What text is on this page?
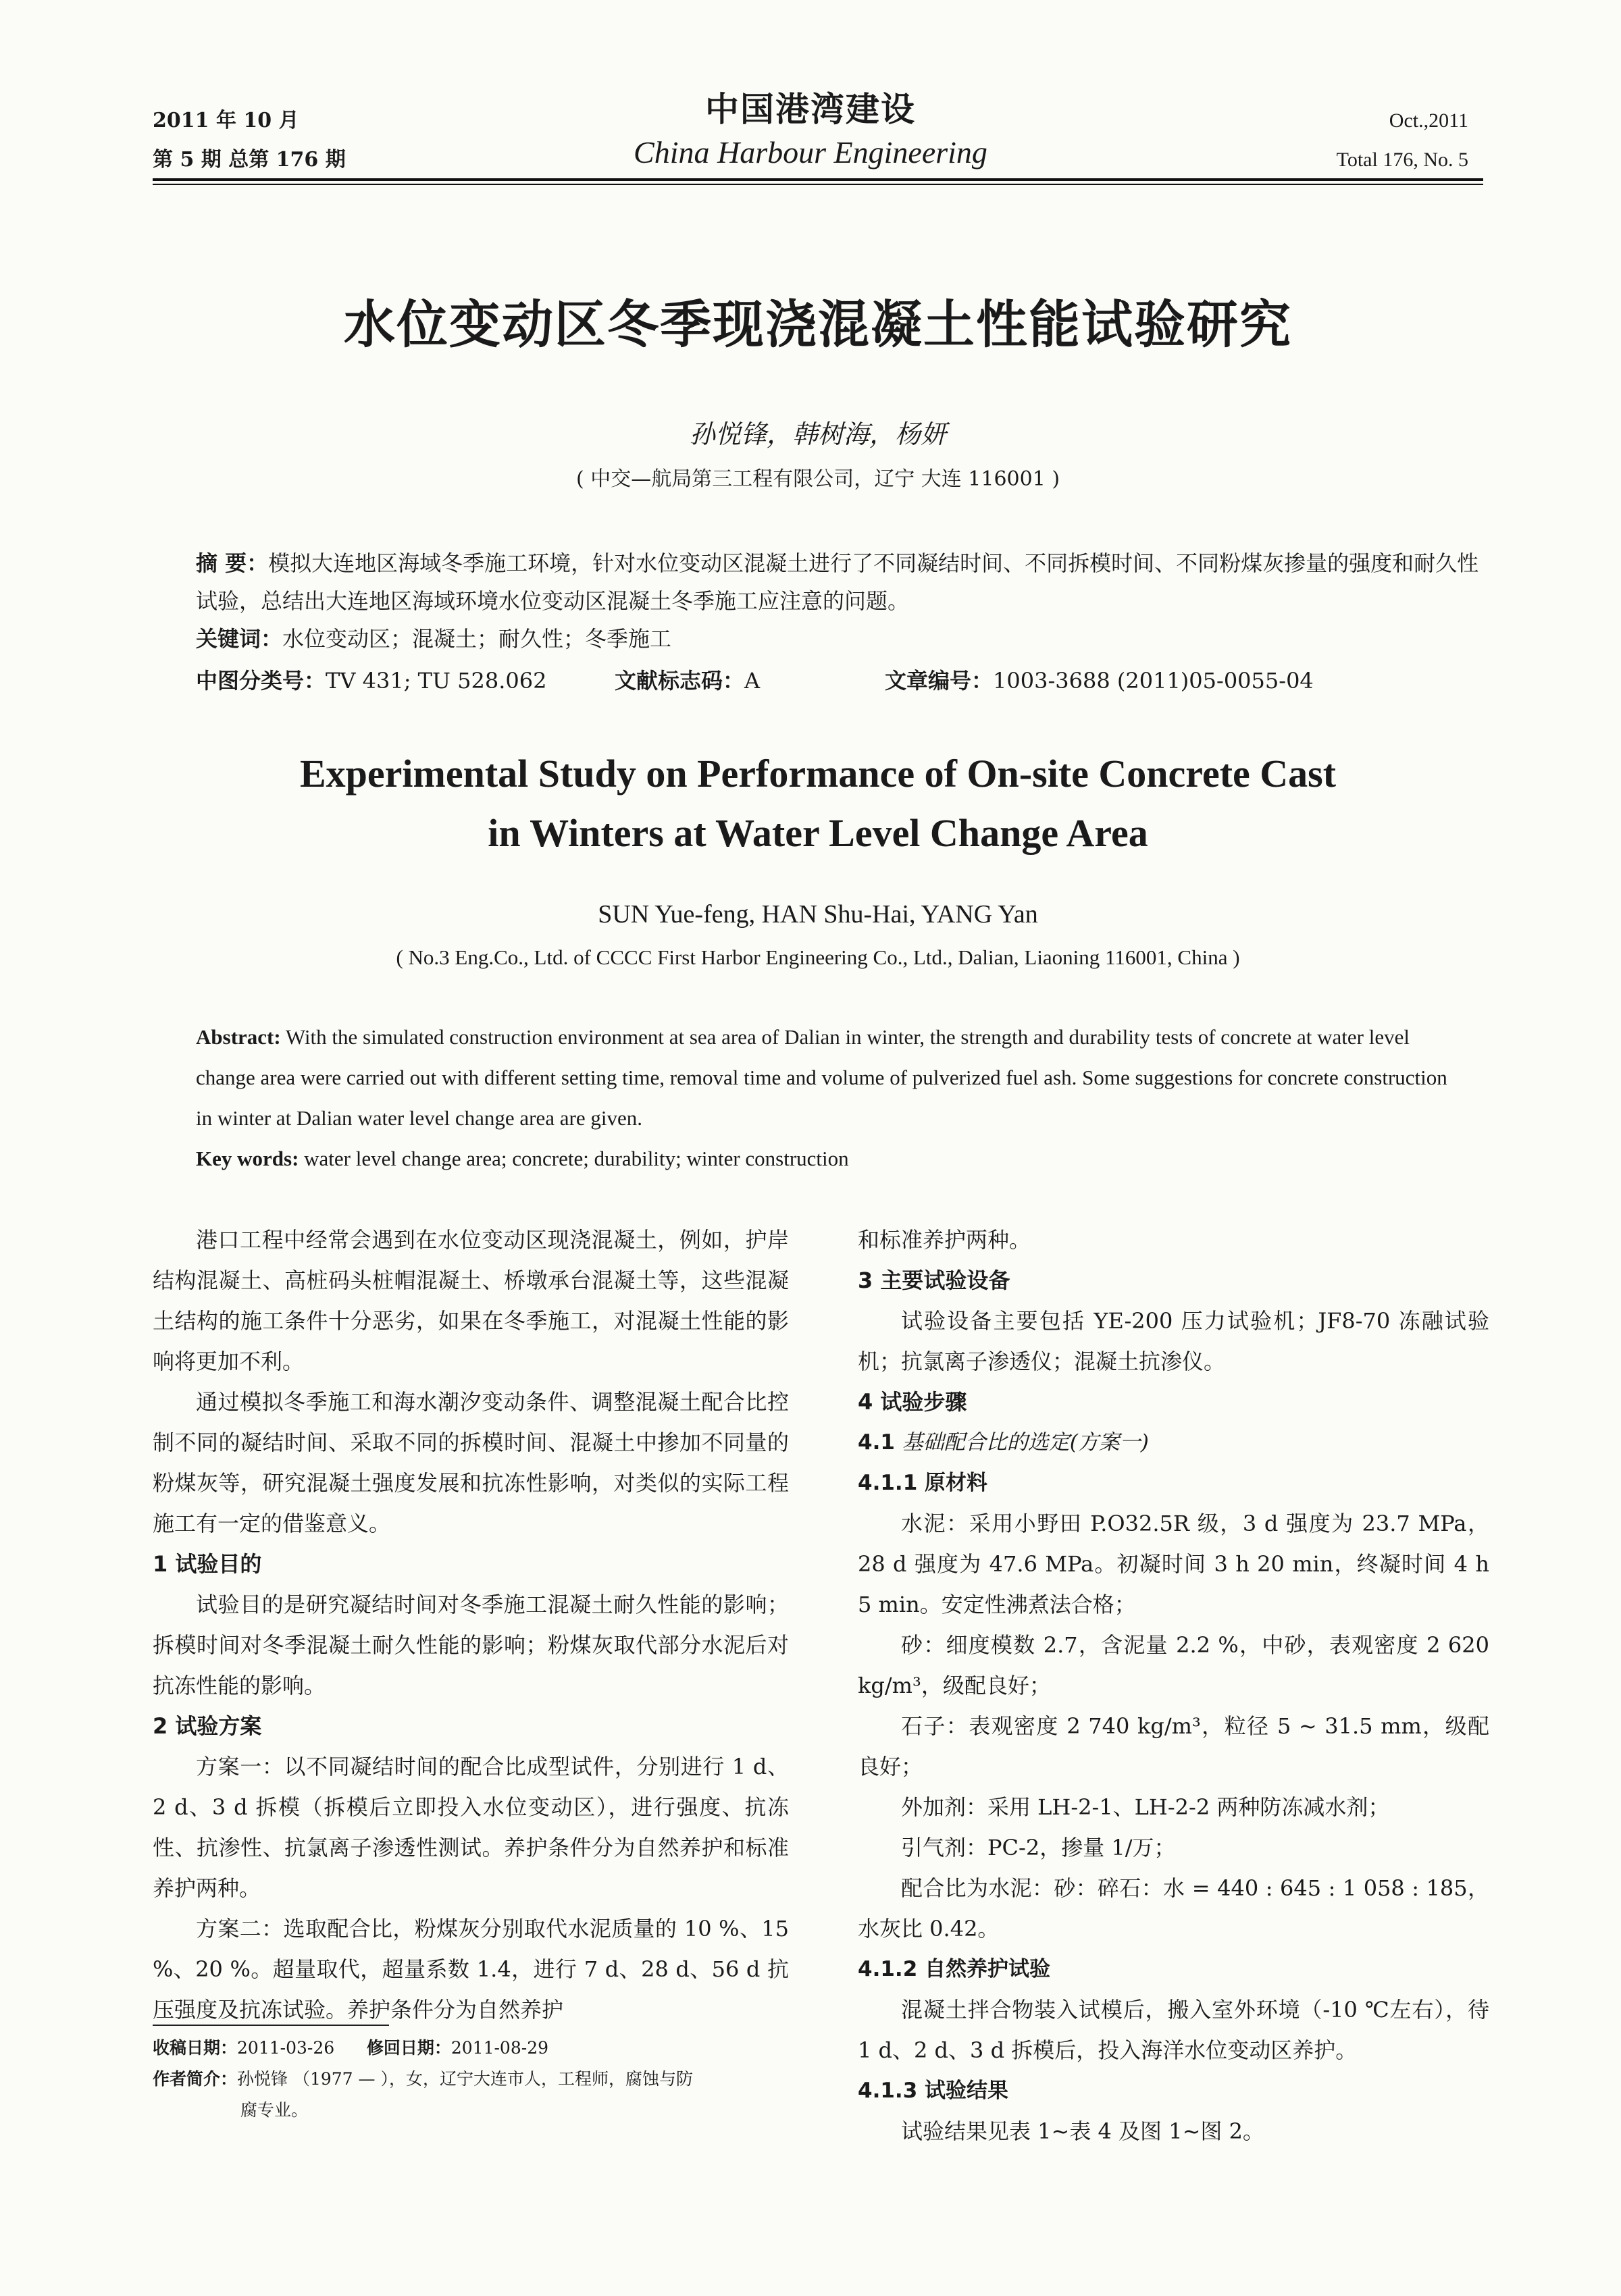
2011 年 10 月
第 5 期 总第 176 期
中国港湾建设
China Harbour Engineering
Oct.,2011
Total 176, No. 5
水位变动区冬季现浇混凝土性能试验研究
孙悦锋，韩树海，杨妍
( 中交—航局第三工程有限公司，辽宁 大连 116001 )
摘 要：模拟大连地区海域冬季施工环境，针对水位变动区混凝土进行了不同凝结时间、不同拆模时间、不同粉煤灰掺量的强度和耐久性试验，总结出大连地区海域环境水位变动区混凝土冬季施工应注意的问题。
关键词：水位变动区；混凝土；耐久性；冬季施工
中图分类号：TV 431; TU 528.062	文献标志码：A	文章编号：1003-3688 (2011)05-0055-04
Experimental Study on Performance of On-site Concrete Cast
in Winters at Water Level Change Area
SUN Yue-feng, HAN Shu-Hai, YANG Yan
( No.3 Eng.Co., Ltd. of CCCC First Harbor Engineering Co., Ltd., Dalian, Liaoning 116001, China )
Abstract: With the simulated construction environment at sea area of Dalian in winter, the strength and durability tests of concrete at water level change area were carried out with different setting time, removal time and volume of pulverized fuel ash. Some suggestions for concrete construction in winter at Dalian water level change area are given.
Key words: water level change area; concrete; durability; winter construction

港口工程中经常会遇到在水位变动区现浇混凝土，例如，护岸结构混凝土、高桩码头桩帽混凝土、桥墩承台混凝土等，这些混凝土结构的施工条件十分恶劣，如果在冬季施工，对混凝土性能的影响将更加不利。

通过模拟冬季施工和海水潮汐变动条件、调整混凝土配合比控制不同的凝结时间、采取不同的拆模时间、混凝土中掺加不同量的粉煤灰等，研究混凝土强度发展和抗冻性影响，对类似的实际工程施工有一定的借鉴意义。

1 试验目的

试验目的是研究凝结时间对冬季施工混凝土耐久性能的影响；拆模时间对冬季混凝土耐久性能的影响；粉煤灰取代部分水泥后对抗冻性能的影响。

2 试验方案

方案一：以不同凝结时间的配合比成型试件，分别进行 1 d、2 d、3 d 拆模（拆模后立即投入水位变动区），进行强度、抗冻性、抗渗性、抗氯离子渗透性测试。养护条件分为自然养护和标准养护两种。

方案二：选取配合比，粉煤灰分别取代水泥质量的 10 %、15 %、20 %。超量取代，超量系数 1.4，进行 7 d、28 d、56 d 抗压强度及抗冻试验。养护条件分为自然养护

收稿日期：2011-03-26 修回日期：2011-08-29
作者简介：孙悦锋 （1977 — ），女，辽宁大连市人，工程师，腐蚀与防
腐专业。

和标准养护两种。

3 主要试验设备

试验设备主要包括 YE-200 压力试验机；JF8-70 冻融试验机；抗氯离子渗透仪；混凝土抗渗仪。

4 试验步骤
4.1 基础配合比的选定(方案一)
4.1.1 原材料

水泥：采用小野田 P.O32.5R 级，3 d 强度为 23.7 MPa，28 d 强度为 47.6 MPa。初凝时间 3 h 20 min，终凝时间 4 h 5 min。安定性沸煮法合格；

砂：细度模数 2.7，含泥量 2.2 %，中砂，表观密度 2 620 kg/m³，级配良好；

石子：表观密度 2 740 kg/m³，粒径 5 ~ 31.5 mm，级配良好；

外加剂：采用 LH-2-1、LH-2-2 两种防冻减水剂；

引气剂：PC-2，掺量 1/万；

配合比为水泥：砂：碎石：水 = 440 : 645 : 1 058 : 185，水灰比 0.42。

4.1.2 自然养护试验

混凝土拌合物装入试模后，搬入室外环境（-10 ℃左右），待 1 d、2 d、3 d 拆模后，投入海洋水位变动区养护。

4.1.3 试验结果

试验结果见表 1~表 4 及图 1~图 2。
